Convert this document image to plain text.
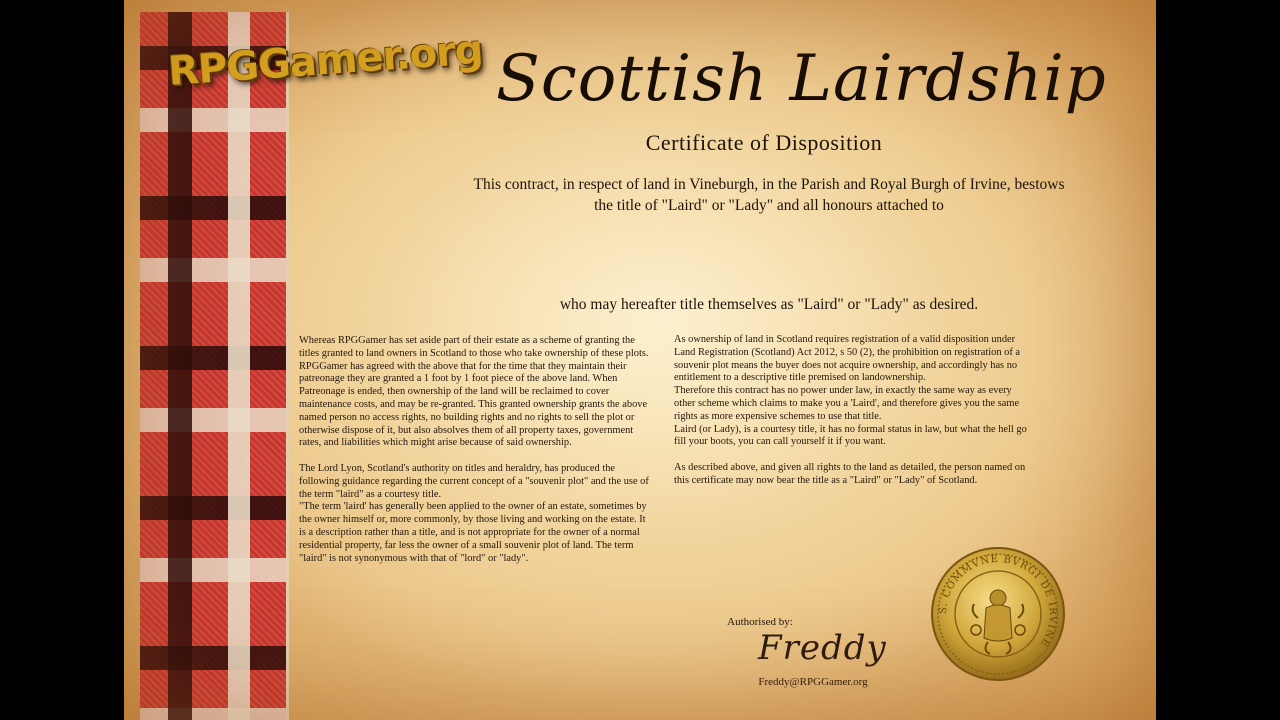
RPGGamer.org Scottish Lairdship
Certificate of Disposition
This contract, in respect of land in Vineburgh, in the Parish and Royal Burgh of Irvine, bestows
the title of "Laird" or "Lady" and all honours attached to
who may hereafter title themselves as "Laird" or "Lady" as desired.

Whereas RPGGamer has set aside part of their estate as a scheme of granting the titles granted to land owners in Scotland to those who take ownership of these plots.

RPGGamer has agreed with the above that for the time that they maintain their patreonage they are granted a 1 foot by 1 foot piece of the above land. When Patreonage is ended, then ownership of the land will be reclaimed to cover maintenance costs, and may be re-granted. This granted ownership grants the above named person no access rights, no building rights and no rights to sell the plot or otherwise dispose of it, but also absolves them of all property taxes, government rates, and liabilities which might arise because of said ownership.

The Lord Lyon, Scotland's authority on titles and heraldry, has produced the following guidance regarding the current concept of a "souvenir plot" and the use of the term "laird" as a courtesy title.

"The term 'laird' has generally been applied to the owner of an estate, sometimes by the owner himself or, more commonly, by those living and working on the estate. It is a description rather than a title, and is not appropriate for the owner of a normal residential property, far less the owner of a small souvenir plot of land. The term "laird" is not synonymous with that of "lord" or "lady".

As ownership of land in Scotland requires registration of a valid disposition under Land Registration (Scotland) Act 2012, s 50 (2), the prohibition on registration of a souvenir plot means the buyer does not acquire ownership, and accordingly has no entitlement to a descriptive title premised on landownership.

Therefore this contract has no power under law, in exactly the same way as every other scheme which claims to make you a 'Laird', and therefore gives you the same rights as more expensive schemes to use that title.

Laird (or Lady), is a courtesy title, it has no formal status in law, but what the hell go fill your boots, you can call yourself it if you want.

As described above, and given all rights to the land as detailed, the person named on this certificate may now bear the title as a "Laird" or "Lady" of Scotland.

Authorised by:
Freddy
Freddy@RPGGamer.org
S. COMMVNE BVRGI DE IRVINE
